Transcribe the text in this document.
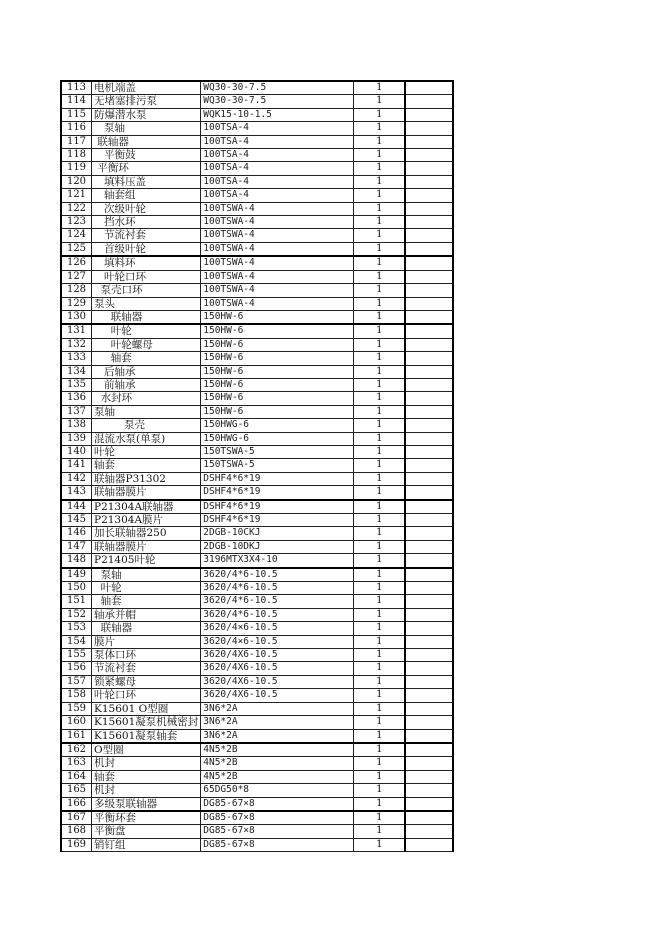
113	电机端盖	WQ30-30-7.5	1	
114	无堵塞排污泵	WQ30-30-7.5	1	
115	防爆潜水泵	WQK15-10-1.5	1	
116	泵轴	100TSA-4	1	
117	联轴器	100TSA-4	1	
118	平衡鼓	100TSA-4	1	
119	平衡环	100TSA-4	1	
120	填料压盖	100TSA-4	1	
121	轴套组	100TSA-4	1	
122	次级叶轮	100TSWA-4	1	
123	挡水环	100TSWA-4	1	
124	节流衬套	100TSWA-4	1	
125	首级叶轮	100TSWA-4	1	
126	填料环	100TSWA-4	1	
127	叶轮口环	100TSWA-4	1	
128	泵壳口环	100TSWA-4	1	
129	泵头	100TSWA-4	1	
130	联轴器	150HW-6	1	
131	叶轮	150HW-6	1	
132	叶轮螺母	150HW-6	1	
133	轴套	150HW-6	1	
134	后轴承	150HW-6	1	
135	前轴承	150HW-6	1	
136	水封环	150HW-6	1	
137	泵轴	150HW-6	1	
138	泵壳	150HWG-6	1	
139	混流水泵(单泵)	150HWG-6	1	
140	叶轮	150TSWA-5	1	
141	轴套	150TSWA-5	1	
142	联轴器P31302	DSHF4*6*19	1	
143	联轴器膜片	DSHF4*6*19	1	
144	P21304A联轴器	DSHF4*6*19	1	
145	P21304A膜片	DSHF4*6*19	1	
146	加长联轴器250	2DGB-10CKJ	1	
147	联轴器膜片	2DGB-10DKJ	1	
148	P21405叶轮	3196MTX3X4-10	1	
149	泵轴	3620/4*6-10.5	1	
150	叶轮	3620/4*6-10.5	1	
151	轴套	3620/4*6-10.5	1	
152	轴承并帽	3620/4*6-10.5	1	
153	联轴器	3620/4×6-10.5	1	
154	膜片	3620/4×6-10.5	1	
155	泵体口环	3620/4X6-10.5	1	
156	节流衬套	3620/4X6-10.5	1	
157	锁紧螺母	3620/4X6-10.5	1	
158	叶轮口环	3620/4X6-10.5	1	
159	K15601 O型圈	3N6*2A	1	
160	K15601凝泵机械密封	3N6*2A	1	
161	K15601凝泵轴套	3N6*2A	1	
162	O型圈	4N5*2B	1	
163	机封	4N5*2B	1	
164	轴套	4N5*2B	1	
165	机封	65DG50*8	1	
166	多级泵联轴器	DG85-67×8	1	
167	平衡环套	DG85-67×8	1	
168	平衡盘	DG85-67×8	1	
169	销钉组	DG85-67×8	1	
